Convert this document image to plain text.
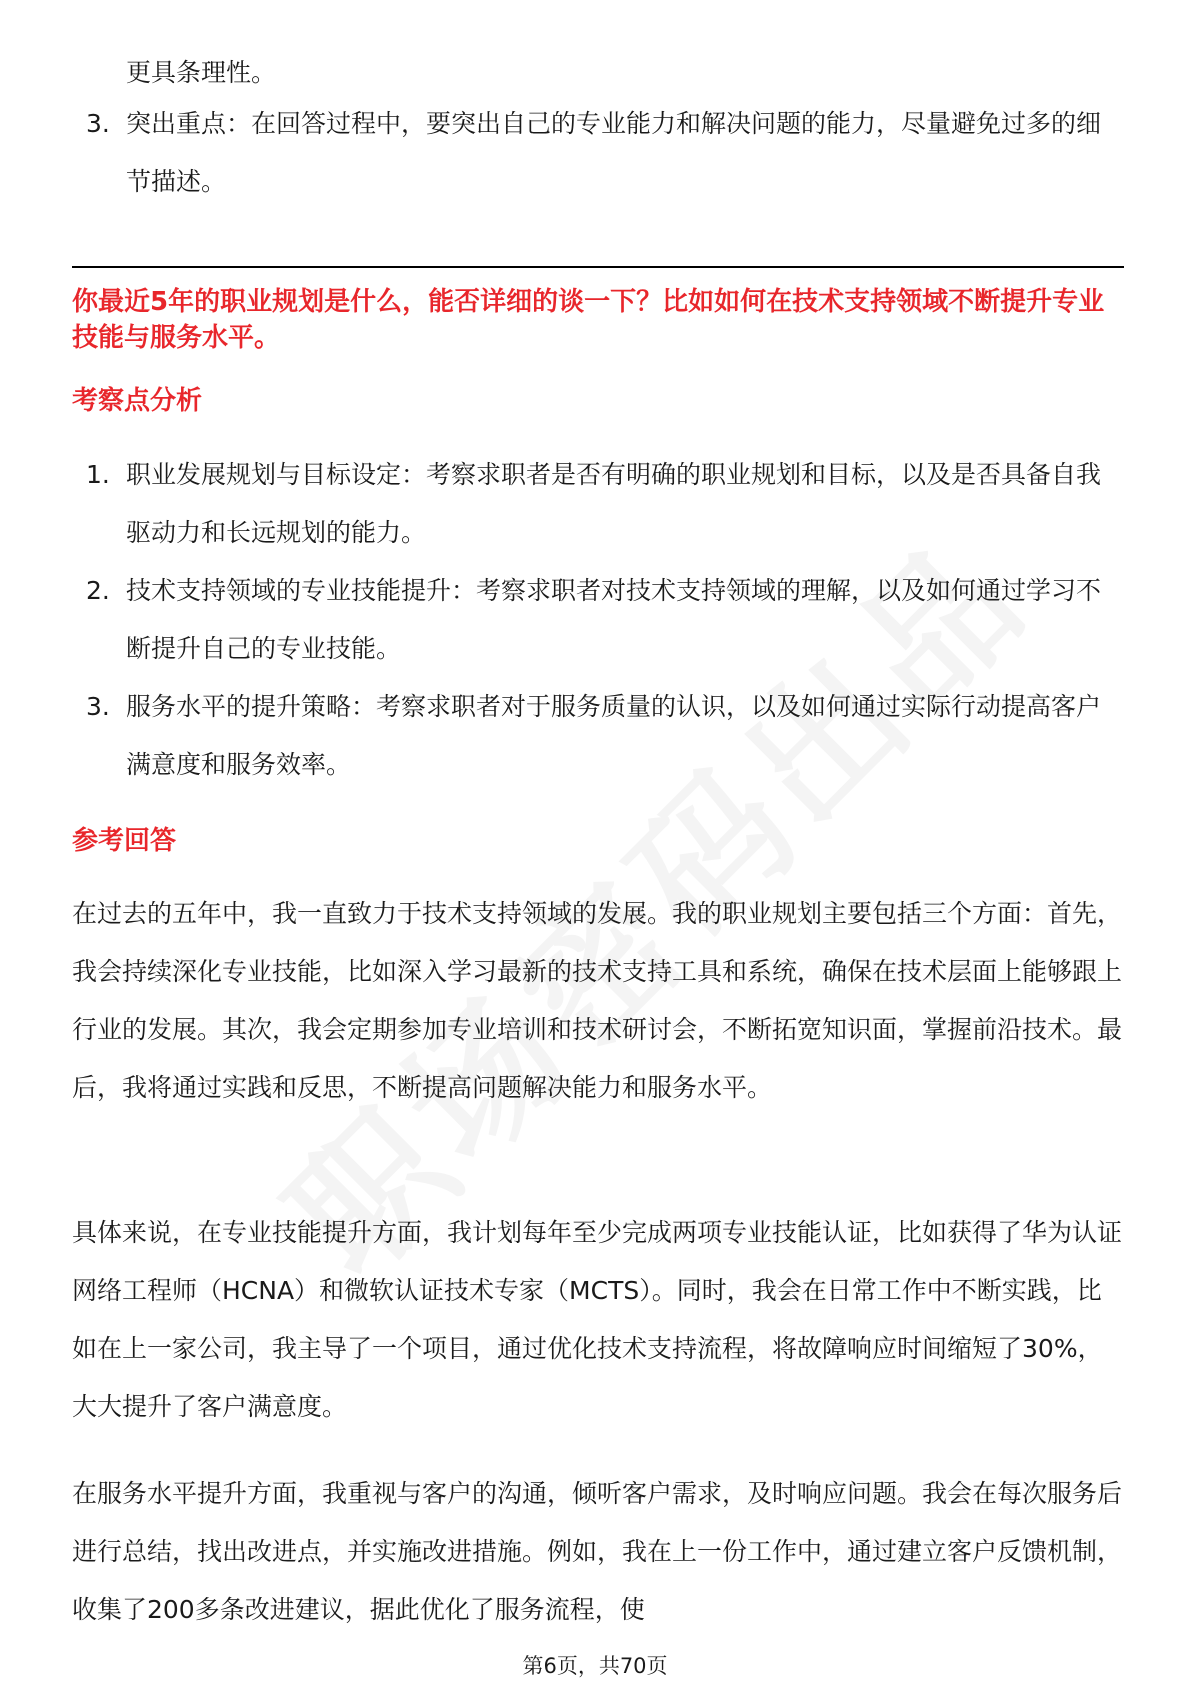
更具条理性。

3. 突出重点：在回答过程中，要突出自己的专业能力和解决问题的能力，尽量避免过多的细节描述。
你最近5年的职业规划是什么，能否详细的谈一下？比如如何在技术支持领域不断提升专业技能与服务水平。
考察点分析
1. 职业发展规划与目标设定：考察求职者是否有明确的职业规划和目标，以及是否具备自我驱动力和长远规划的能力。
2. 技术支持领域的专业技能提升：考察求职者对技术支持领域的理解，以及如何通过学习不断提升自己的专业技能。
3. 服务水平的提升策略：考察求职者对于服务质量的认识，以及如何通过实际行动提高客户满意度和服务效率。
参考回答

在过去的五年中，我一直致力于技术支持领域的发展。我的职业规划主要包括三个方面：首先，我会持续深化专业技能，比如深入学习最新的技术支持工具和系统，确保在技术层面上能够跟上行业的发展。其次，我会定期参加专业培训和技术研讨会，不断拓宽知识面，掌握前沿技术。最后，我将通过实践和反思，不断提高问题解决能力和服务水平。

具体来说，在专业技能提升方面，我计划每年至少完成两项专业技能认证，比如获得了华为认证网络工程师（HCNA）和微软认证技术专家（MCTS）。同时，我会在日常工作中不断实践，比如在上一家公司，我主导了一个项目，通过优化技术支持流程，将故障响应时间缩短了30%，大大提升了客户满意度。

在服务水平提升方面，我重视与客户的沟通，倾听客户需求，及时响应问题。我会在每次服务后进行总结，找出改进点，并实施改进措施。例如，我在上一份工作中，通过建立客户反馈机制，收集了200多条改进建议，据此优化了服务流程，使

第6页，共70页
